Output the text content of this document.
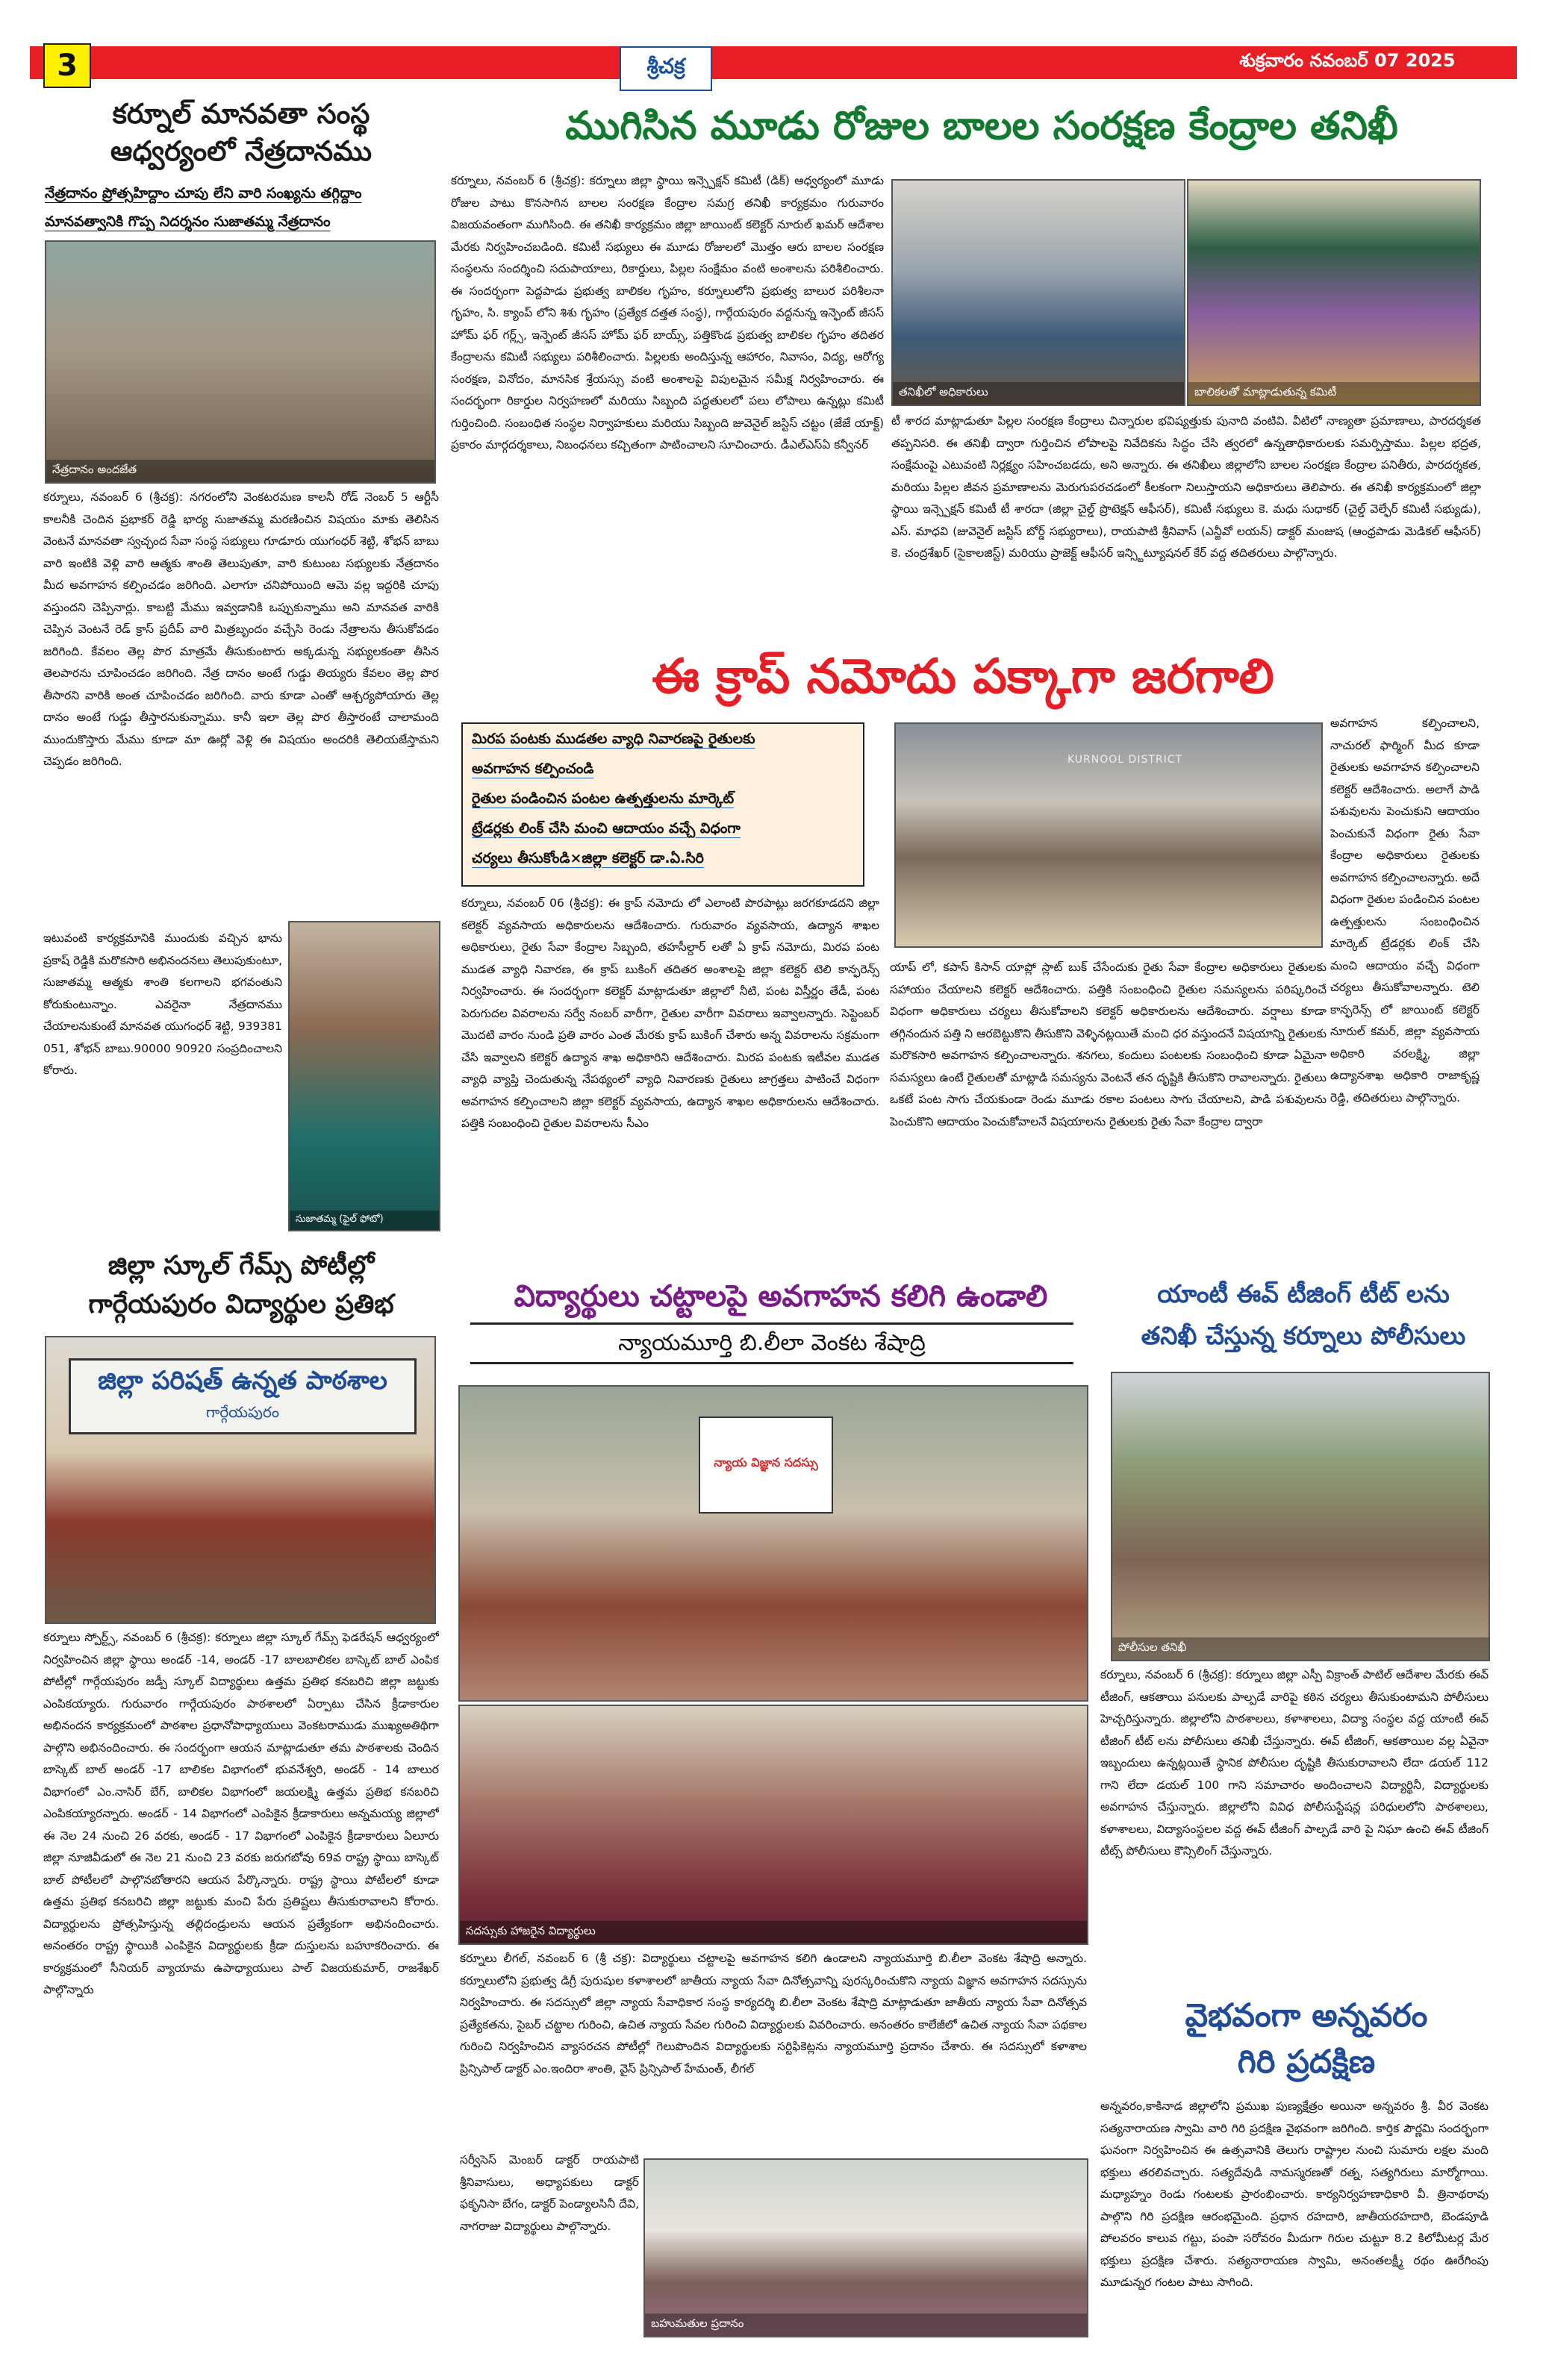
3	శ్రీచక్ర	శుక్రవారం నవంబర్ 07 2025
కర్నూల్ మానవతా సంస్థ
ఆధ్వర్యంలో నేత్రదానము
నేత్రదానం ప్రోత్సహిద్దాం చూపు లేని వారి సంఖ్యను తగ్గిద్దాం
మానవత్వానికి గొప్ప నిదర్శనం సుజాతమ్మ నేత్రదానం
నేత్రదానం అందజేత
కర్నూలు, నవంబర్ 6 (శ్రీచక్ర): నగరంలోని వెంకటరమణ కాలనీ రోడ్ నెంబర్ 5 ఆర్టీసీ కాలనీకి చెందిన ప్రభాకర్ రెడ్డి భార్య సుజాతమ్మ మరణించిన విషయం మాకు తెలిసిన వెంటనే మానవతా స్వచ్ఛంద సేవా సంస్థ సభ్యులు గూడూరు యుగంధర్ శెట్టి, శోభన్ బాబు వారి ఇంటికి వెళ్లి వారి ఆత్మకు శాంతి తెలుపుతూ, వారి కుటుంబ సభ్యులకు నేత్రదానం మీద అవగాహన కల్పించడం జరిగింది. ఎలాగూ చనిపోయింది ఆమె వల్ల ఇద్దరికి చూపు వస్తుందని చెప్పినార్లు. కాబట్టి మేము ఇవ్వడానికి ఒప్పుకున్నాము అని మానవత వారికి చెప్పిన వెంటనే రెడ్ క్రాస్ ప్రదీప్ వారి మిత్రబృందం వచ్చేసి రెండు నేత్రాలను తీసుకోవడం జరిగింది. కేవలం తెల్ల పొర మాత్రమే తీసుకుంటారు అక్కడున్న సభ్యులకంతా తీసిన తెలపారను చూపించడం జరిగింది. నేత్ర దానం అంటే గుడ్డు తియ్యరు కేవలం తెల్ల పొర తీసారని వారికి అంత చూపించడం జరిగింది. వారు కూడా ఎంతో ఆశ్చర్యపోయారు తెల్ల దానం అంటే గుడ్డు తీస్తారనుకున్నాము. కానీ ఇలా తెల్ల పొర తీస్తారంటే చాలామంది ముందుకొస్తారు మేము కూడా మా ఊర్లో వెళ్లి ఈ విషయం అందరికి తెలియజేస్తామని చెప్పడం జరిగింది.
ఇటువంటి కార్యక్రమానికి ముందుకు వచ్చిన భాను ప్రకాష్ రెడ్డికి మరొకసారి అభినందనలు తెలుపుకుంటూ, సుజాతమ్మ ఆత్మకు శాంతి కలగాలని భగవంతుని కోరుకుంటున్నాం. ఎవరైనా నేత్రదానము చేయాలనుకుంటే మానవత యుగంధర్ శెట్టి, 939381 051, శోభన్ బాబు.90000 90920 సంప్రదించాలని కోరారు.
సుజాతమ్మ (ఫైల్ ఫోటో)
జిల్లా స్కూల్ గేమ్స్ పోటీల్లో
గార్గేయపురం విద్యార్థుల ప్రతిభ
జిల్లా పరిషత్ ఉన్నత పాఠశాల
గార్గేయపురం
కర్నూలు స్పోర్ట్స్, నవంబర్ 6 (శ్రీచక్ర): కర్నూలు జిల్లా స్కూల్ గేమ్స్ ఫెడరేషన్ ఆధ్వర్యంలో నిర్వహించిన జిల్లా స్థాయి అండర్ -14, అండర్ -17 బాలబాలికల బాస్కెట్ బాల్ ఎంపిక పోటీల్లో గార్గేయపురం జడ్పీ స్కూల్ విద్యార్థులు ఉత్తమ ప్రతిభ కనబరిచి జిల్లా జట్టుకు ఎంపికయ్యారు. గురువారం గార్గేయపురం పాఠశాలలో ఏర్పాటు చేసిన క్రీడాకారుల అభినందన కార్యక్రమంలో పాఠశాల ప్రధానోపాధ్యాయులు వెంకటరాముడు ముఖ్యఅతిథిగా పాల్గొని అభినందించారు. ఈ సందర్భంగా ఆయన మాట్లాడుతూ తమ పాఠశాలకు చెందిన బాస్కెట్ బాల్ అండర్ -17 బాలికల విభాగంలో భువనేశ్వరి, అండర్ - 14 బాలుర విభాగంలో ఎం.నాసిర్ బేగ్, బాలికల విభాగంలో జయలక్ష్మి ఉత్తమ ప్రతిభ కనబరిచి ఎంపికయ్యారన్నారు. అండర్ - 14 విభాగంలో ఎంపికైన క్రీడాకారులు అన్నమయ్య జిల్లాలో ఈ నెల 24 నుంచి 26 వరకు, అండర్ - 17 విభాగంలో ఎంపికైన క్రీడాకారులు ఏలూరు జిల్లా నూజివీడులో ఈ నెల 21 నుంచి 23 వరకు జరుగబోవు 69వ రాష్ట్ర స్థాయి బాస్కెట్ బాల్ పోటీలలో పాల్గొనబోతారని ఆయన పేర్కొన్నారు. రాష్ట్ర స్థాయి పోటీలలో కూడా ఉత్తమ ప్రతిభ కనబరిచి జిల్లా జట్టుకు మంచి పేరు ప్రతిష్టలు తీసుకురావాలని కోరారు. విద్యార్థులను ప్రోత్సహిస్తున్న తల్లిదండ్రులను ఆయన ప్రత్యేకంగా అభినందించారు. అనంతరం రాష్ట్ర స్థాయికి ఎంపికైన విద్యార్థులకు క్రీడా దుస్తులను బహూకరించారు. ఈ కార్యక్రమంలో సీనియర్ వ్యాయామ ఉపాధ్యాయులు పాల్ విజయకుమార్, రాజశేఖర్ పాల్గొన్నారు
ముగిసిన మూడు రోజుల బాలల సంరక్షణ కేంద్రాల తనిఖీ
కర్నూలు, నవంబర్ 6 (శ్రీచక్ర): కర్నూలు జిల్లా స్థాయి ఇన్స్పెక్షన్ కమిటీ (డిక్) ఆధ్వర్యంలో మూడు రోజుల పాటు కొనసాగిన బాలల సంరక్షణ కేంద్రాల సమగ్ర తనిఖీ కార్యక్రమం గురువారం విజయవంతంగా ముగిసింది. ఈ తనిఖీ కార్యక్రమం జిల్లా జాయింట్ కలెక్టర్ నూరుల్ ఖమర్ ఆదేశాల మేరకు నిర్వహించబడింది. కమిటీ సభ్యులు ఈ మూడు రోజులలో మొత్తం ఆరు బాలల సంరక్షణ సంస్థలను సందర్శించి సదుపాయాలు, రికార్డులు, పిల్లల సంక్షేమం వంటి అంశాలను పరిశీలించారు. ఈ సందర్భంగా పెద్దపాడు ప్రభుత్వ బాలికల గృహం, కర్నూలులోని ప్రభుత్వ బాలుర పరిశీలనా గృహం, సి. క్యాంప్ లోని శిశు గృహం (ప్రత్యేక దత్తత సంస్థ), గార్గేయపురం వద్దనున్న ఇన్ఫెంట్ జీసస్ హోమ్ ఫర్ గర్ల్స్, ఇన్ఫెంట్ జీసస్ హోమ్ ఫర్ బాయ్స్, పత్తికొండ ప్రభుత్వ బాలికల గృహం తదితర కేంద్రాలను కమిటీ సభ్యులు పరిశీలించారు. పిల్లలకు అందిస్తున్న ఆహారం, నివాసం, విద్య, ఆరోగ్య సంరక్షణ, వినోదం, మానసిక శ్రేయస్సు వంటి అంశాలపై విపులమైన సమీక్ష నిర్వహించారు. ఈ సందర్భంగా రికార్డుల నిర్వహణలో మరియు సిబ్బంది పద్ధతులలో పలు లోపాలు ఉన్నట్లు కమిటీ గుర్తించింది. సంబంధిత సంస్థల నిర్వాహకులు మరియు సిబ్బంది జువెనైల్ జస్టిస్ చట్టం (జేజే యాక్ట్) ప్రకారం మార్గదర్శకాలు, నిబంధనలు కచ్చితంగా పాటించాలని సూచించారు. డీఎల్ఎస్ఏ కన్వీనర్
తనిఖీలో అధికారులు	బాలికలతో మాట్లాడుతున్న కమిటీ
టీ శారద మాట్లాడుతూ పిల్లల సంరక్షణ కేంద్రాలు చిన్నారుల భవిష్యత్తుకు పునాది వంటివి. వీటిలో నాణ్యతా ప్రమాణాలు, పారదర్శకత తప్పనిసరి. ఈ తనిఖీ ద్వారా గుర్తించిన లోపాలపై నివేదికను సిద్ధం చేసి త్వరలో ఉన్నతాధికారులకు సమర్పిస్తాము. పిల్లల భద్రత, సంక్షేమంపై ఎటువంటి నిర్లక్ష్యం సహించబడదు, అని అన్నారు. ఈ తనిఖీలు జిల్లాలోని బాలల సంరక్షణ కేంద్రాల పనితీరు, పారదర్శకత, మరియు పిల్లల జీవన ప్రమాణాలను మెరుగుపరచడంలో కీలకంగా నిలుస్తాయని అధికారులు తెలిపారు. ఈ తనిఖీ కార్యక్రమంలో జిల్లా స్థాయి ఇన్స్పెక్షన్ కమిటీ టీ శారదా (జిల్లా చైల్డ్ ప్రొటెక్షన్ ఆఫీసర్), కమిటీ సభ్యులు కె. మధు సుధాకర్ (చైల్డ్ వెల్ఫేర్ కమిటీ సభ్యుడు), ఎస్. మాధవి (జువెనైల్ జస్టిస్ బోర్డ్ సభ్యురాలు), రాయపాటి శ్రీనివాస్ (ఎన్జీవో లయన్) డాక్టర్ మంజుష (ఆంధ్రపాడు మెడికల్ ఆఫీసర్) కె. చంద్రశేఖర్ (సైకాలజిస్ట్) మరియు ప్రాజెక్ట్ ఆఫీసర్ ఇన్స్టిట్యూషనల్ కేర్ వద్ద తదితరులు పాల్గొన్నారు.
ఈ క్రాప్ నమోదు పక్కాగా జరగాలి
మిరప పంటకు ముడతల వ్యాధి నివారణపై రైతులకు
అవగాహన కల్పించండి
రైతుల పండించిన పంటల ఉత్పత్తులను మార్కెట్
ట్రేడర్లకు లింక్ చేసి మంచి ఆదాయం వచ్చే విధంగా
చర్యలు తీసుకోండి×జిల్లా కలెక్టర్ డా.ఏ.సిరి
KURNOOL DISTRICT
కర్నూలు, నవంబర్ 06 (శ్రీచక్ర): ఈ క్రాప్ నమోదు లో ఎలాంటి పొరపాట్లు జరగకూడదని జిల్లా కలెక్టర్ వ్యవసాయ అధికారులను ఆదేశించారు. గురువారం వ్యవసాయ, ఉద్యాన శాఖల అధికారులు, రైతు సేవా కేంద్రాల సిబ్బంది, తహసీల్దార్ లతో ఏ క్రాప్ నమోదు, మిరప పంట ముడత వ్యాధి నివారణ, ఈ క్రాప్ బుకింగ్ తదితర అంశాలపై జిల్లా కలెక్టర్ టెలి కాన్ఫరెన్స్ నిర్వహించారు. ఈ సందర్భంగా కలెక్టర్ మాట్లాడుతూ జిల్లాలో నీటి, పంట విస్తీర్ణం తేడీ, పంట పెరుగుదల వివరాలను సర్వే నంబర్ వారీగా, రైతుల వారీగా వివరాలు ఇవ్వాలన్నారు. సెప్టెంబర్ మొదటి వారం నుండి ప్రతి వారం ఎంత మేరకు క్రాప్ బుకింగ్ చేశారు అన్న వివరాలను సక్రమంగా చేసి ఇవ్వాలని కలెక్టర్ ఉద్యాన శాఖ అధికారిని ఆదేశించారు. మిరప పంటకు ఇటీవల ముడత వ్యాధి వ్యాప్తి చెందుతున్న నేపథ్యంలో వ్యాధి నివారణకు రైతులు జాగ్రత్తలు పాటించే విధంగా అవగాహన కల్పించాలని జిల్లా కలెక్టర్ వ్యవసాయ, ఉద్యాన శాఖల అధికారులను ఆదేశించారు. పత్తికి సంబంధించి రైతుల వివరాలను సీఎం
యాప్ లో, కపాస్ కిసాన్ యాప్లో స్లాట్ బుక్ చేసేందుకు రైతు సేవా కేంద్రాల అధికారులు రైతులకు సహాయం చేయాలని కలెక్టర్ ఆదేశించారు. పత్తికి సంబంధించి రైతుల సమస్యలను పరిష్కరించే విధంగా అధికారులు చర్యలు తీసుకోవాలని కలెక్టర్ అధికారులను ఆదేశించారు. వర్షాలు కూడా తగ్గినందున పత్తి ని ఆరబెట్టుకొని తీసుకొని వెళ్ళినట్లయితే మంచి ధర వస్తుందనే విషయాన్ని రైతులకు మరొకసారి అవగాహన కల్పించాలన్నారు. శనగలు, కందులు పంటలకు సంబంధించి కూడా ఏమైనా సమస్యలు ఉంటే రైతులతో మాట్లాడి సమస్యను వెంటనే తన దృష్టికి తీసుకొని రావాలన్నారు. రైతులు ఒకటే పంట సాగు చేయకుండా రెండు మూడు రకాల పంటలు సాగు చేయాలని, పాడి పశువులను పెంచుకొని ఆదాయం పెంచుకోవాలనే విషయాలను రైతులకు రైతు సేవా కేంద్రాల ద్వారా
అవగాహన కల్పించాలని, నాచురల్ ఫార్మింగ్ మీద కూడా రైతులకు అవగాహన కల్పించాలని కలెక్టర్ ఆదేశించారు. అలాగే పాడి పశువులను పెంచుకుని ఆదాయం పెంచుకునే విధంగా రైతు సేవా కేంద్రాల అధికారులు రైతులకు అవగాహన కల్పించాలన్నారు. అదే విధంగా రైతుల పండించిన పంటల ఉత్పత్తులను సంబంధించిన మార్కెట్ ట్రేడర్లకు లింక్ చేసి మంచి ఆదాయం వచ్చే విధంగా చర్యలు తీసుకోవాలన్నారు. టెలి కాన్ఫరెన్స్ లో జాయింట్ కలెక్టర్ నూరుల్ కమర్, జిల్లా వ్యవసాయ అధికారి వరలక్ష్మి, జిల్లా ఉద్యానశాఖ అధికారి రాజాకృష్ణ రెడ్డి, తదితరులు పాల్గొన్నారు.
విద్యార్థులు చట్టాలపై అవగాహన కలిగి ఉండాలి
న్యాయమూర్తి బి.లీలా వెంకట శేషాద్రి
న్యాయ విజ్ఞాన సదస్సు
సదస్సుకు హాజరైన విద్యార్థులు
కర్నూలు లీగల్, నవంబర్ 6 (శ్రీ చక్ర): విద్యార్థులు చట్టాలపై అవగాహన కలిగి ఉండాలని న్యాయమూర్తి బి.లీలా వెంకట శేషాద్రి అన్నారు. కర్నూలులోని ప్రభుత్వ డిగ్రీ పురుషుల కళాశాలలో జాతీయ న్యాయ సేవా దినోత్సవాన్ని పురస్కరించుకొని న్యాయ విజ్ఞాన అవగాహన సదస్సును నిర్వహించారు. ఈ సదస్సులో జిల్లా న్యాయ సేవాధికార సంస్థ కార్యదర్శి బి.లీలా వెంకట శేషాద్రి మాట్లాడుతూ జాతీయ న్యాయ సేవా దినోత్సవ ప్రత్యేకతను, సైబర్ చట్టాల గురించి, ఉచిత న్యాయ సేవల గురించి విద్యార్థులకు వివరించారు. అనంతరం కాలేజీలో ఉచిత న్యాయ సేవా పథకాల గురించి నిర్వహించిన వ్యాసరచన పోటీల్లో గెలుపొందిన విద్యార్థులకు సర్టిఫికెట్లను న్యాయమూర్తి ప్రదానం చేశారు. ఈ సదస్సులో కళాశాల ప్రిన్సిపాల్ డాక్టర్ ఎం.ఇందిరా శాంతి, వైస్ ప్రిన్సిపాల్ హేమంత్, లీగల్
సర్వీసెస్ మెంబర్ డాక్టర్ రాయపాటి శ్రీనివాసులు, అధ్యాపకులు డాక్టర్ ఫకృనిసా బేగం, డాక్టర్ పెండ్యాలసినీ దేవి, నాగరాజు విద్యార్థులు పాల్గొన్నారు.
బహుమతుల ప్రదానం
యాంటీ ఈవ్ టీజింగ్ టీట్ లను
తనిఖీ చేస్తున్న కర్నూలు పోలీసులు
పోలీసుల తనిఖీ
కర్నూలు, నవంబర్ 6 (శ్రీచక్ర): కర్నూలు జిల్లా ఎస్పీ విక్రాంత్ పాటిల్ ఆదేశాల మేరకు ఈవ్ టీజింగ్, ఆకతాయి పనులకు పాల్పడే వారిపై కఠిన చర్యలు తీసుకుంటామని పోలీసులు హెచ్చరిస్తున్నారు. జిల్లాలోని పాఠశాలలు, కళాశాలలు, విద్యా సంస్థల వద్ద యాంటీ ఈవ్ టీజింగ్ టీట్ లను పోలీసులు తనిఖీ చేస్తున్నారు. ఈవ్ టీజింగ్, ఆకతాయిల వల్ల ఏవైనా ఇబ్బందులు ఉన్నట్లయితే స్థానిక పోలీసుల దృష్టికి తీసుకురావాలని లేదా డయల్ 112 గాని లేదా డయల్ 100 గాని సమాచారం అందించాలని విద్యార్థినీ, విద్యార్థులకు అవగాహన చేస్తున్నారు. జిల్లాలోని వివిధ పోలీసుస్టేషన్ల పరిధులలోని పాఠశాలలు, కళాశాలలు, విద్యాసంస్థలల వద్ద ఈవ్ టీజింగ్ పాల్పడే వారి పై నిఘా ఉంచి ఈవ్ టీజింగ్ టీట్స్ పోలీసులు కౌన్సిలింగ్ చేస్తున్నారు.
వైభవంగా అన్నవరం
గిరి ప్రదక్షిణ
అన్నవరం,కాకినాడ జిల్లాలోని ప్రముఖ పుణ్యక్షేత్రం అయినా అన్నవరం శ్రీ. వీర వెంకట సత్యనారాయణ స్వామి వారి గిరి ప్రదక్షిణ వైభవంగా జరిగింది. కార్తిక పౌర్ణమి సందర్భంగా ఘనంగా నిర్వహించిన ఈ ఉత్సవానికి తెలుగు రాష్ట్రాల నుంచి సుమారు లక్షల మంది భక్తులు తరలివచ్చారు. సత్యదేవుడి నామస్మరణతో రత్న, సత్యగిరులు మార్మోగాయి. మధ్యాహ్నం రెండు గంటలకు ప్రారంభించారు. కార్యనిర్వహణాధికారి వీ. త్రినాథరావు పాల్గొని గిరి ప్రదక్షిణ ఆరంభమైంది. ప్రధాన రహదారి, జాతీయరహదారి, బెండపూడి పోలవరం కాలువ గట్టు, పంపా సరోవరం మీదుగా గిరుల చుట్టూ 8.2 కిలోమీటర్ల మేర భక్తులు ప్రదక్షిణ చేశారు. సత్యనారాయణ స్వామి, అనంతలక్ష్మీ రథం ఊరేగింపు మూడున్నర గంటల పాటు సాగింది.
